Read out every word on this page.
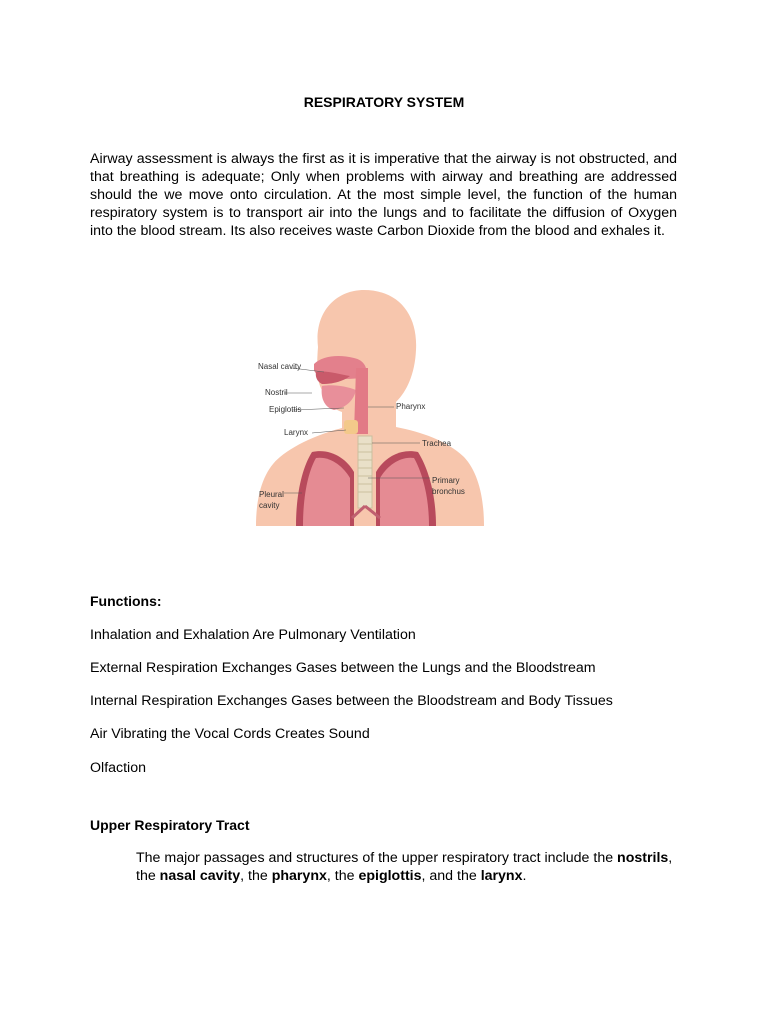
RESPIRATORY SYSTEM

Airway assessment is always the first as it is imperative that the airway is not obstructed, and that breathing is adequate; Only when problems with airway and breathing are addressed should the we move onto circulation. At the most simple level, the function of the human respiratory system is to transport air into the lungs and to facilitate the diffusion of Oxygen into the blood stream. Its also receives waste Carbon Dioxide from the blood and exhales it.

Nasal cavity
Nostril
Epiglottis
Larynx
Pharynx
Trachea
Primary
bronchus
Pleural
cavity
Functions:
Inhalation and Exhalation Are Pulmonary Ventilation
External Respiration Exchanges Gases between the Lungs and the Bloodstream
Internal Respiration Exchanges Gases between the Bloodstream and Body Tissues
Air Vibrating the Vocal Cords Creates Sound
Olfaction
Upper Respiratory Tract

The major passages and structures of the upper respiratory tract include the nostrils, the nasal cavity, the pharynx, the epiglottis, and the larynx.
